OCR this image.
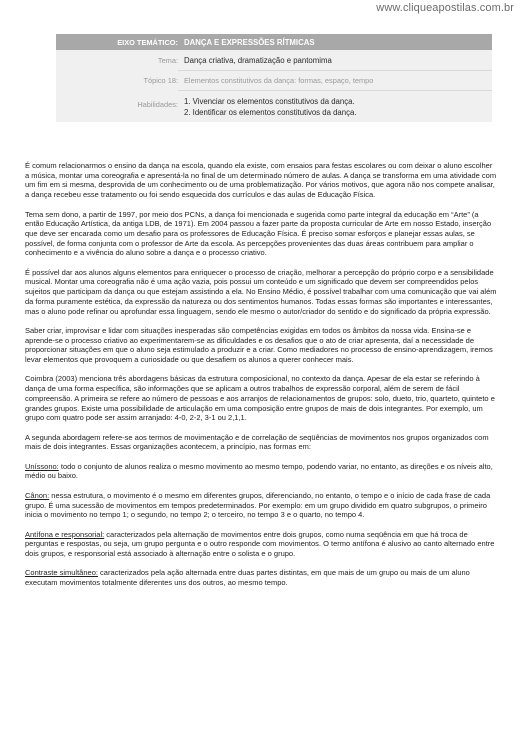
www.cliqueapostilas.com.br
EIXO TEMÁTICO: DANÇA E EXPRESSÕES RÍTMICAS
Tema: Dança criativa, dramatização e pantomima
Tópico 18: Elementos constitutivos da dança: formas, espaço, tempo
Habilidades: 1. Vivenciar os elementos constitutivos da dança.
2. Identificar os elementos constitutivos da dança.

É comum relacionarmos o ensino da dança na escola, quando ela existe, com ensaios para festas escolares ou com deixar o aluno escolher a música, montar uma coreografia e apresentá-la no final de um determinado número de aulas. A dança se transforma em uma atividade com um fim em si mesma, desprovida de um conhecimento ou de uma problematização. Por vários motivos, que agora não nos compete analisar, a dança recebeu esse tratamento ou foi sendo esquecida dos currículos e das aulas de Educação Física.

Tema sem dono, a partir de 1997, por meio dos PCNs, a dança foi mencionada e sugerida como parte integral da educação em “Arte” (a então Educação Artística, da antiga LDB, de 1971). Em 2004 passou a fazer parte da proposta curricular de Arte em nosso Estado, inserção que deve ser encarada como um desafio para os professores de Educação Física. É preciso somar esforços e planejar essas aulas, se possível, de forma conjunta com o professor de Arte da escola. As percepções provenientes das duas áreas contribuem para ampliar o conhecimento e a vivência do aluno sobre a dança e o processo criativo.

É possível dar aos alunos alguns elementos para enriquecer o processo de criação, melhorar a percepção do próprio corpo e a sensibilidade musical. Montar uma coreografia não é uma ação vazia, pois possui um conteúdo e um significado que devem ser compreendidos pelos sujeitos que participam da dança ou que estejam assistindo a ela. No Ensino Médio, é possível trabalhar com uma comunicação que vai além da forma puramente estética, da expressão da natureza ou dos sentimentos humanos. Todas essas formas são importantes e interessantes, mas o aluno pode refinar ou aprofundar essa linguagem, sendo ele mesmo o autor/criador do sentido e do significado da própria expressão.

Saber criar, improvisar e lidar com situações inesperadas são competências exigidas em todos os âmbitos da nossa vida. Ensina-se e aprende-se o processo criativo ao experimentarem-se as dificuldades e os desafios que o ato de criar apresenta, daí a necessidade de proporcionar situações em que o aluno seja estimulado a produzir e a criar. Como mediadores no processo de ensino-aprendizagem, iremos levar elementos que provoquem a curiosidade ou que desafiem os alunos a querer conhecer mais.

Coimbra (2003) menciona três abordagens básicas da estrutura composicional, no contexto da dança. Apesar de ela estar se referindo à dança de uma forma específica, são informações que se aplicam a outros trabalhos de expressão corporal, além de serem de fácil compreensão. A primeira se refere ao número de pessoas e aos arranjos de relacionamentos de grupos: solo, dueto, trio, quarteto, quinteto e grandes grupos. Existe uma possibilidade de articulação em uma composição entre grupos de mais de dois integrantes. Por exemplo, um grupo com quatro pode ser assim arranjado: 4-0, 2-2, 3-1 ou 2,1,1.

A segunda abordagem refere-se aos termos de movimentação e de correlação de seqüências de movimentos nos grupos organizados com mais de dois integrantes. Essas organizações acontecem, a princípio, nas formas em:

Uníssono: todo o conjunto de alunos realiza o mesmo movimento ao mesmo tempo, podendo variar, no entanto, as direções e os níveis alto, médio ou baixo.

Cânon: nessa estrutura, o movimento é o mesmo em diferentes grupos, diferenciando, no entanto, o tempo e o início de cada frase de cada grupo. É uma sucessão de movimentos em tempos predeterminados. Por exemplo: em um grupo dividido em quatro subgrupos, o primeiro inicia o movimento no tempo 1; o segundo, no tempo 2; o terceiro, no tempo 3 e o quarto, no tempo 4.

Antífona e responsorial: caracterizados pela alternação de movimentos entre dois grupos, como numa seqüência em que há troca de perguntas e respostas, ou seja, um grupo pergunta e o outro responde com movimentos. O termo antífona é alusivo ao canto alternado entre dois grupos, e responsorial está associado à alternação entre o solista e o grupo.

Contraste simultâneo: caracterizados pela ação alternada entre duas partes distintas, em que mais de um grupo ou mais de um aluno executam movimentos totalmente diferentes uns dos outros, ao mesmo tempo.
